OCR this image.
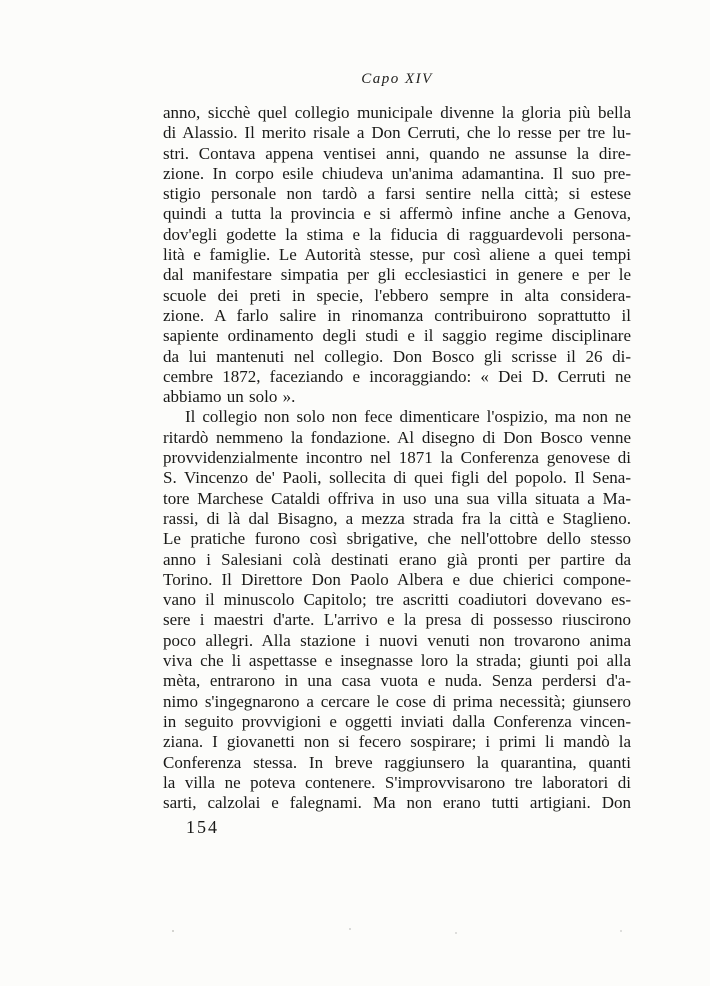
Capo XIV
anno, sicchè quel collegio municipale divenne la gloria più bella
di Alassio. Il merito risale a Don Cerruti, che lo resse per tre lu-
stri. Contava appena ventisei anni, quando ne assunse la dire-
zione. In corpo esile chiudeva un'anima adamantina. Il suo pre-
stigio personale non tardò a farsi sentire nella città; si estese
quindi a tutta la provincia e si affermò infine anche a Genova,
dov'egli godette la stima e la fiducia di ragguardevoli persona-
lità e famiglie. Le Autorità stesse, pur così aliene a quei tempi
dal manifestare simpatia per gli ecclesiastici in genere e per le
scuole dei preti in specie, l'ebbero sempre in alta considera-
zione. A farlo salire in rinomanza contribuirono soprattutto il
sapiente ordinamento degli studi e il saggio regime disciplinare
da lui mantenuti nel collegio. Don Bosco gli scrisse il 26 di-
cembre 1872, faceziando e incoraggiando: « Dei D. Cerruti ne
abbiamo un solo ».
Il collegio non solo non fece dimenticare l'ospizio, ma non ne
ritardò nemmeno la fondazione. Al disegno di Don Bosco venne
provvidenzialmente incontro nel 1871 la Conferenza genovese di
S. Vincenzo de' Paoli, sollecita di quei figli del popolo. Il Sena-
tore Marchese Cataldi offriva in uso una sua villa situata a Ma-
rassi, di là dal Bisagno, a mezza strada fra la città e Staglieno.
Le pratiche furono così sbrigative, che nell'ottobre dello stesso
anno i Salesiani colà destinati erano già pronti per partire da
Torino. Il Direttore Don Paolo Albera e due chierici compone-
vano il minuscolo Capitolo; tre ascritti coadiutori dovevano es-
sere i maestri d'arte. L'arrivo e la presa di possesso riuscirono
poco allegri. Alla stazione i nuovi venuti non trovarono anima
viva che li aspettasse e insegnasse loro la strada; giunti poi alla
mèta, entrarono in una casa vuota e nuda. Senza perdersi d'a-
nimo s'ingegnarono a cercare le cose di prima necessità; giunsero
in seguito provvigioni e oggetti inviati dalla Conferenza vincen-
ziana. I giovanetti non si fecero sospirare; i primi li mandò la
Conferenza stessa. In breve raggiunsero la quarantina, quanti
la villa ne poteva contenere. S'improvvisarono tre laboratori di
sarti, calzolai e falegnami. Ma non erano tutti artigiani. Don
154
